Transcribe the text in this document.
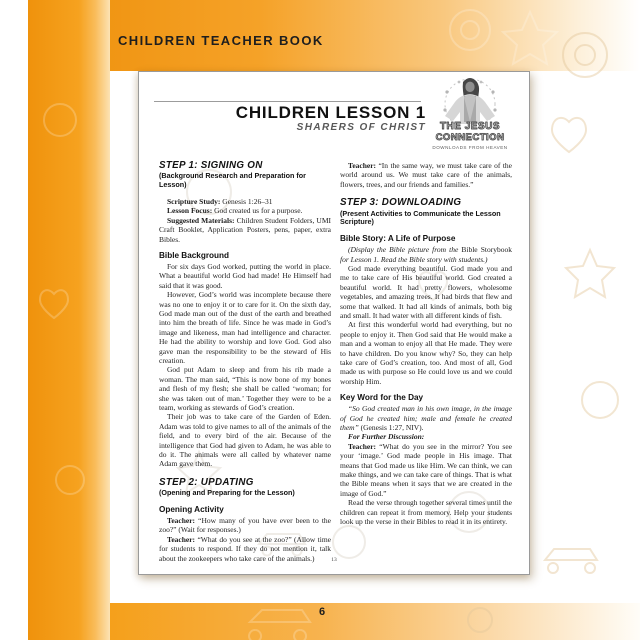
CHILDREN TEACHER BOOK
CHILDREN LESSON 1
SHARERS OF CHRIST	THE JESUS
CONNECTION
DOWNLOADS FROM HEAVEN
STEP 1: SIGNING ON
(Background Research and Preparation for Lesson)

Scripture Study: Genesis 1:26–31

Lesson Focus: God created us for a purpose.

Suggested Materials: Children Student Folders, UMI Craft Booklet, Application Posters, pens, paper, extra Bibles.

Bible Background

For six days God worked, putting the world in place. What a beautiful world God had made! He Himself had said that it was good.

However, God’s world was incomplete because there was no one to enjoy it or to care for it. On the sixth day, God made man out of the dust of the earth and breathed into him the breath of life. Since he was made in God’s image and likeness, man had intelligence and character. He had the ability to worship and love God. God also gave man the responsibility to be the steward of His creation.

God put Adam to sleep and from his rib made a woman. The man said, “This is now bone of my bones and flesh of my flesh; she shall be called ‘woman; for she was taken out of man.’ Together they were to be a team, working as stewards of God’s creation.

Their job was to take care of the Garden of Eden. Adam was told to give names to all of the animals of the field, and to every bird of the air. Because of the intelligence that God had given to Adam, he was able to do it. The animals were all called by whatever name Adam gave them.

STEP 2: UPDATING
(Opening and Preparing for the Lesson)
Opening Activity

Teacher: “How many of you have ever been to the zoo?” (Wait for responses.)

Teacher: “What do you see at the zoo?” (Allow time for students to respond. If they do not mention it, talk about the zookeepers who take care of the animals.)

Teacher: “In the same way, we must take care of the world around us. We must take care of the animals, flowers, trees, and our friends and families.”

STEP 3: DOWNLOADING
(Present Activities to Communicate the Lesson Scripture)
Bible Story: A Life of Purpose

(Display the Bible picture from the Bible Storybook for Lesson 1. Read the Bible story with students.)

God made everything beautiful. God made you and me to take care of His beautiful world. God created a beautiful world. It had pretty flowers, wholesome vegetables, and amazing trees. It had birds that flew and some that walked. It had all kinds of animals, both big and small. It had water with all different kinds of fish.

At first this wonderful world had everything, but no people to enjoy it. Then God said that He would make a man and a woman to enjoy all that He made. They were to have children. Do you know why? So, they can help take care of God’s creation, too. And most of all, God made us with purpose so He could love us and we could worship Him.

Key Word for the Day

“So God created man in his own image, in the image of God he created him; male and female he created them” (Genesis 1:27, NIV).

For Further Discussion:

Teacher: “What do you see in the mirror? You see your ‘image.’ God made people in His image. That means that God made us like Him. We can think, we can make things, and we can take care of things. That is what the Bible means when it says that we are created in the image of God.”

Read the verse through together several times until the children can repeat it from memory. Help your students look up the verse in their Bibles to read it in its entirety.

13
6
